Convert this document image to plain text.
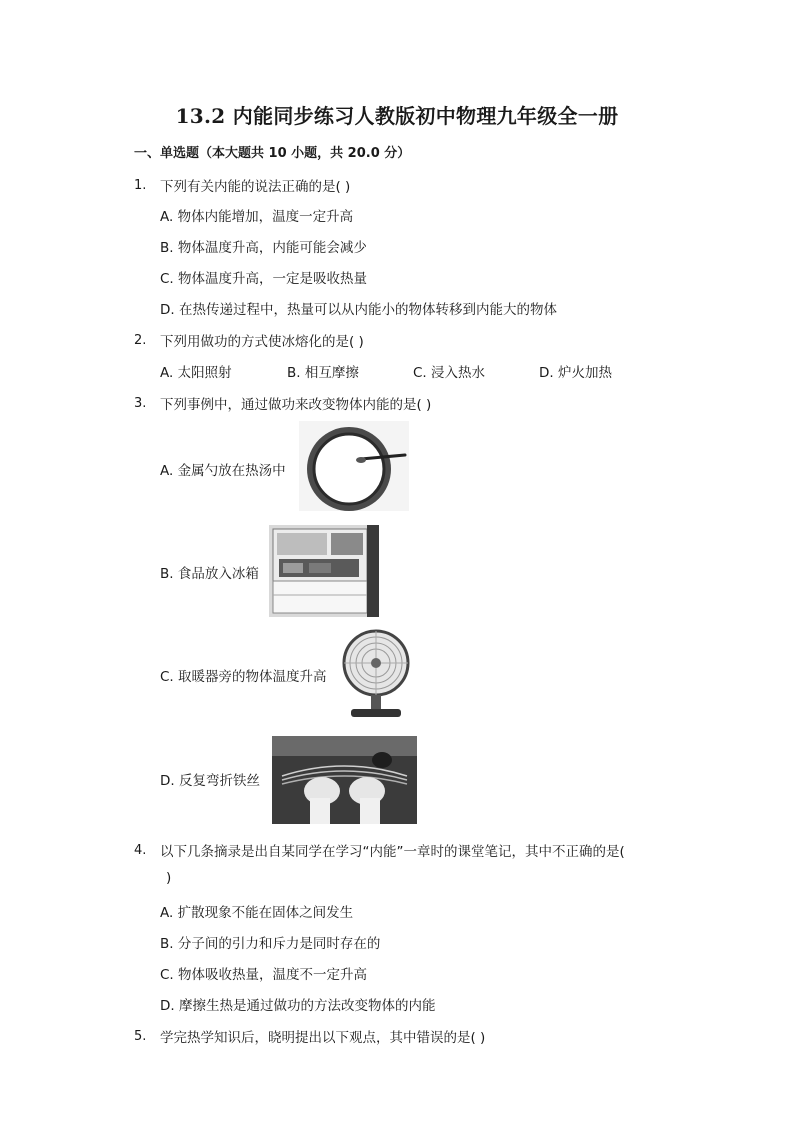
13.2 内能同步练习人教版初中物理九年级全一册
一、单选题（本大题共 10 小题，共 20.0 分）
1. 下列有关内能的说法正确的是( )
A. 物体内能增加，温度一定升高
B. 物体温度升高，内能可能会减少
C. 物体温度升高，一定是吸收热量
D. 在热传递过程中，热量可以从内能小的物体转移到内能大的物体
2. 下列用做功的方式使冰熔化的是( )
A. 太阳照射	B. 相互摩擦	C. 浸入热水	D. 炉火加热
3. 下列事例中，通过做功来改变物体内能的是( )
A. 金属勺放在热汤中
B. 食品放入冰箱
C. 取暖器旁的物体温度升高
D. 反复弯折铁丝
4. 以下几条摘录是出自某同学在学习“内能”一章时的课堂笔记，其中不正确的是(
)
A. 扩散现象不能在固体之间发生
B. 分子间的引力和斥力是同时存在的
C. 物体吸收热量，温度不一定升高
D. 摩擦生热是通过做功的方法改变物体的内能
5. 学完热学知识后，晓明提出以下观点，其中错误的是( )
